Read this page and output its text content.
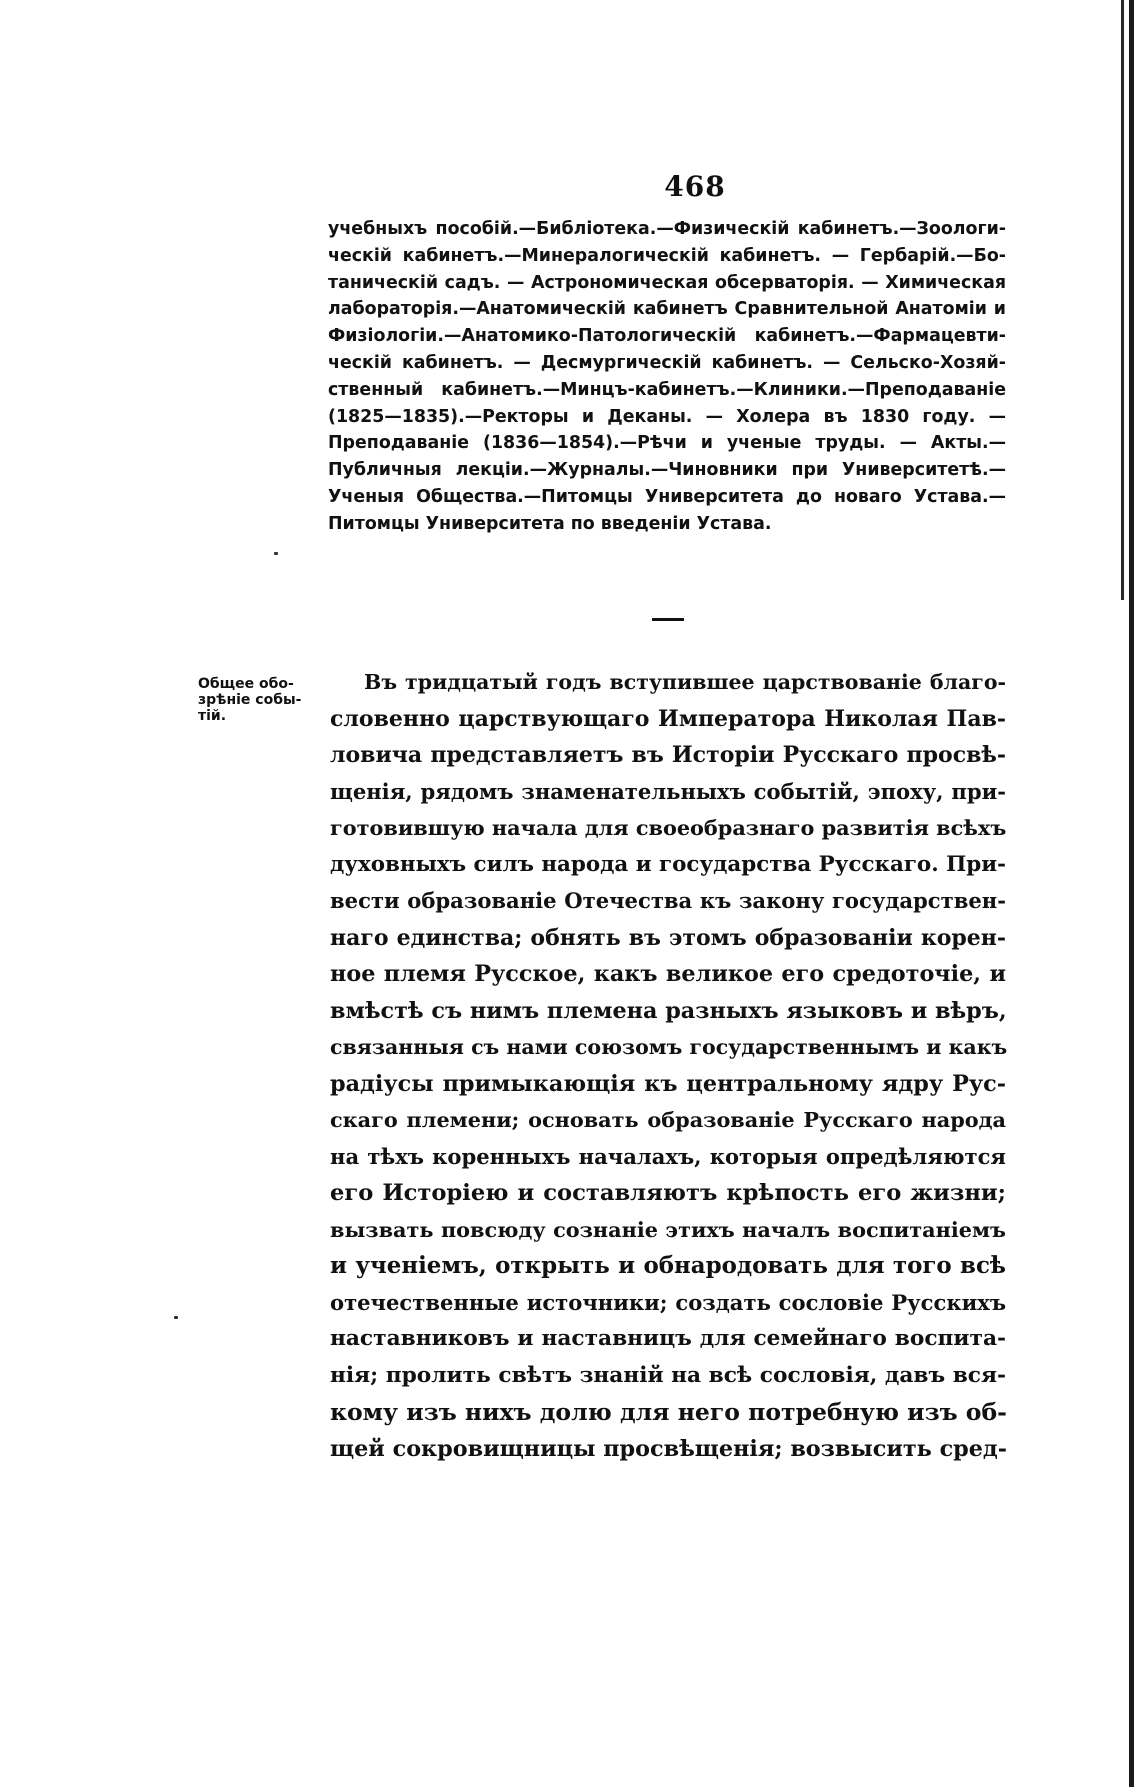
468
учебныхъ пособій.—Библіотека.—Физическій кабинетъ.—Зоологи-
ческій кабинетъ.—Минералогическій кабинетъ. — Гербарій.—Бо-
таническій садъ. — Астрономическая обсерваторія. — Химическая
лабораторія.—Анатомическій кабинетъ Сравнительной Анатоміи и
Физіологіи.—Анатомико-Патологическій кабинетъ.—Фармацевти-
ческій кабинетъ. — Десмургическій кабинетъ. — Сельско-Хозяй-
ственный кабинетъ.—Минцъ-кабинетъ.—Клиники.—Преподаваніе
(1825—1835).—Ректоры и Деканы. — Холера въ 1830 году. —
Преподаваніе (1836—1854).—Рѣчи и ученые труды. — Акты.—
Публичныя лекціи.—Журналы.—Чиновники при Университетѣ.—
Ученыя Общества.—Питомцы Университета до новаго Устава.—
Питомцы Университета по введеніи Устава.
Общее обо-
зрѣніе собы-
тій.
Въ тридцатый годъ вступившее царствованіе благо-
словенно царствующаго Императора Николая Пав-
ловича представляетъ въ Исторіи Русскаго просвѣ-
щенія, рядомъ знаменательныхъ событій, эпоху, при-
готовившую начала для своеобразнаго развитія всѣхъ
духовныхъ силъ народа и государства Русскаго. При-
вести образованіе Отечества къ закону государствен-
наго единства; обнять въ этомъ образованіи корен-
ное племя Русское, какъ великое его средоточіе, и
вмѣстѣ съ нимъ племена разныхъ языковъ и вѣръ,
связанныя съ нами союзомъ государственнымъ и какъ
радіусы примыкающія къ центральному ядру Рус-
скаго племени; основать образованіе Русскаго народа
на тѣхъ коренныхъ началахъ, которыя опредѣляются
его Исторіею и составляютъ крѣпость его жизни;
вызвать повсюду сознаніе этихъ началъ воспитаніемъ
и ученіемъ, открыть и обнародовать для того всѣ
отечественные источники; создать сословіе Русскихъ
наставниковъ и наставницъ для семейнаго воспита-
нія; пролить свѣтъ знаній на всѣ сословія, давъ вся-
кому изъ нихъ долю для него потребную изъ об-
щей сокровищницы просвѣщенія; возвысить сред-
